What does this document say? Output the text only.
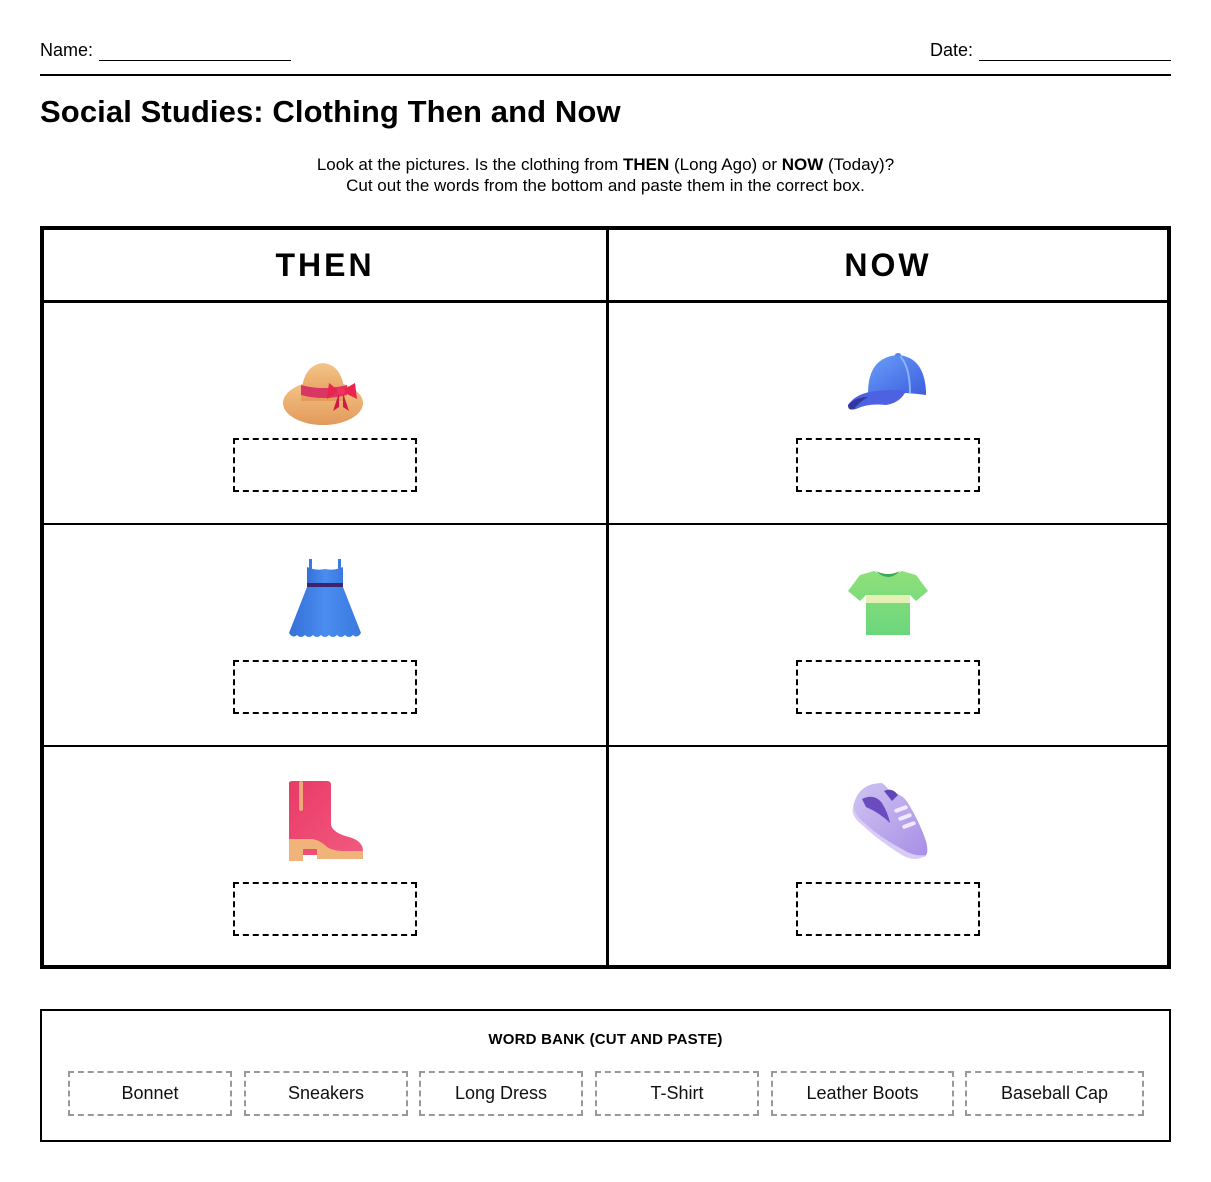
Name:	Date:
Social Studies: Clothing Then and Now
Look at the pictures. Is the clothing from THEN (Long Ago) or NOW (Today)?
Cut out the words from the bottom and paste them in the correct box.
THEN	NOW
WORD BANK (CUT AND PASTE)
Bonnet	Sneakers	Long Dress	T-Shirt	Leather Boots	Baseball Cap
